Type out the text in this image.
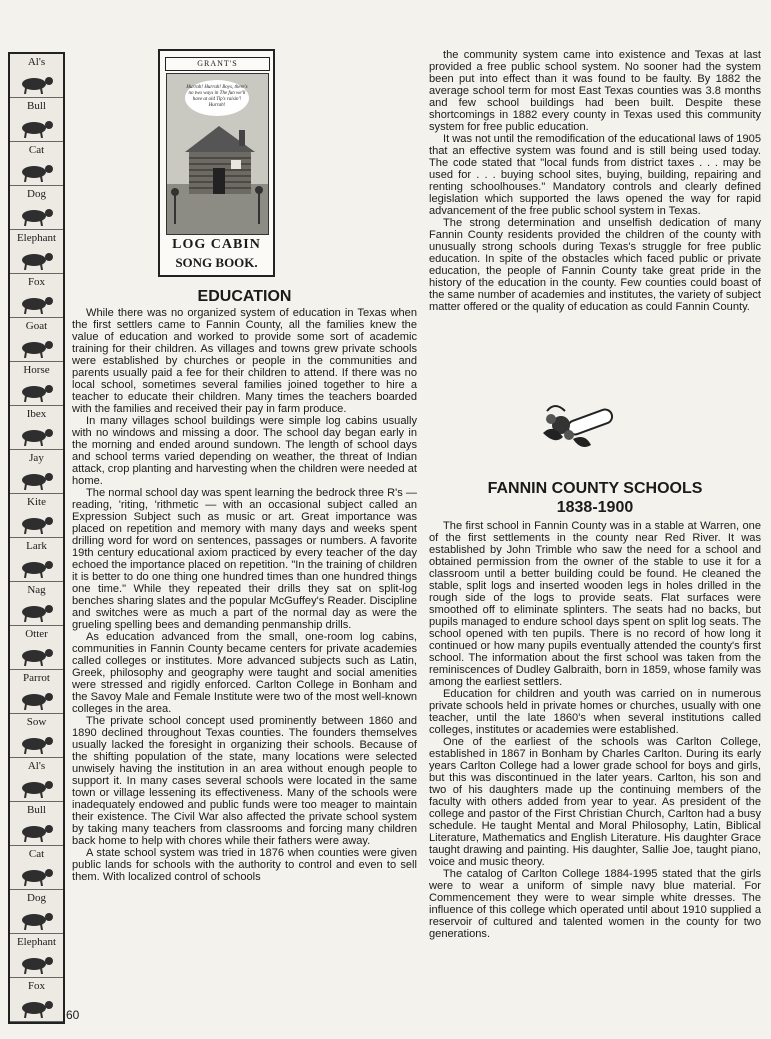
Al's
Bull
Cat
Dog
Elephant
Fox
Goat
Horse
Ibex
Jay
Kite
Lark
Nag
Otter
Parrot
Sow
Al's
Bull
Cat
Dog
Elephant
Fox
GRANT'S
Hurrah! Hurrah! Boys, there's no two ways in The fun we'll have at old Tip's raisin'! Hurrah!
LOG CABIN
SONG BOOK.
EDUCATION

While there was no organized system of education in Texas when the first settlers came to Fannin County, all the families knew the value of education and worked to provide some sort of academic training for their children. As villages and towns grew private schools were established by churches or people in the communities and parents usually paid a fee for their children to attend. If there was no local school, sometimes several families joined together to hire a teacher to educate their children. Many times the teachers boarded with the families and received their pay in farm produce.

In many villages school buildings were simple log cabins usually with no windows and missing a door. The school day began early in the morning and ended around sundown. The length of school days and school terms varied depending on weather, the threat of Indian attack, crop planting and harvesting when the children were needed at home.

The normal school day was spent learning the bedrock three R's — reading, 'riting, 'rithmetic — with an occasional subject called an Expression Subject such as music or art. Great importance was placed on repetition and memory with many days and weeks spent drilling word for word on sentences, passages or numbers. A favorite 19th century educational axiom practiced by every teacher of the day echoed the importance placed on repetition. "In the training of children it is better to do one thing one hundred times than one hundred things one time." While they repeated their drills they sat on split-log benches sharing slates and the popular McGuffey's Reader. Discipline and switches were as much a part of the normal day as were the grueling spelling bees and demanding penmanship drills.

As education advanced from the small, one-room log cabins, communities in Fannin County became centers for private academies called colleges or institutes. More advanced subjects such as Latin, Greek, philosophy and geography were taught and social amenities were stressed and rigidly enforced. Carlton College in Bonham and the Savoy Male and Female Institute were two of the most well-known colleges in the area.

The private school concept used prominently between 1860 and 1890 declined throughout Texas counties. The founders themselves usually lacked the foresight in organizing their schools. Because of the shifting population of the state, many locations were selected unwisely having the institution in an area without enough people to support it. In many cases several schools were located in the same town or village lessening its effectiveness. Many of the schools were inadequately endowed and public funds were too meager to maintain their existence. The Civil War also affected the private school system by taking many teachers from classrooms and forcing many children back home to help with chores while their fathers were away.

A state school system was tried in 1876 when counties were given public lands for schools with the authority to control and even to sell them. With localized control of schools

the community system came into existence and Texas at last provided a free public school system. No sooner had the system been put into effect than it was found to be faulty. By 1882 the average school term for most East Texas counties was 3.8 months and few school buildings had been built. Despite these shortcomings in 1882 every county in Texas used this community system for free public education.

It was not until the remodification of the educational laws of 1905 that an effective system was found and is still being used today. The code stated that "local funds from district taxes . . . may be used for . . . buying school sites, buying, building, repairing and renting schoolhouses." Mandatory controls and clearly defined legislation which supported the laws opened the way for rapid advancement of the free public school system in Texas.

The strong determination and unselfish dedication of many Fannin County residents provided the children of the county with unusually strong schools during Texas's struggle for free public education. In spite of the obstacles which faced public or private education, the people of Fannin County take great pride in the history of the education in the county. Few counties could boast of the same number of academies and institutes, the variety of subject matter offered or the quality of education as could Fannin County.

FANNIN COUNTY SCHOOLS
1838-1900

The first school in Fannin County was in a stable at Warren, one of the first settlements in the county near Red River. It was established by John Trimble who saw the need for a school and obtained permission from the owner of the stable to use it for a classroom until a better building could be found. He cleaned the stable, split logs and inserted wooden legs in holes drilled in the rough side of the logs to provide seats. Flat surfaces were smoothed off to eliminate splinters. The seats had no backs, but pupils managed to endure school days spent on split log seats. The school opened with ten pupils. There is no record of how long it continued or how many pupils eventually attended the county's first school. The information about the first school was taken from the reminiscences of Dudley Galbraith, born in 1859, whose family was among the earliest settlers.

Education for children and youth was carried on in numerous private schools held in private homes or churches, usually with one teacher, until the late 1860's when several institutions called colleges, institutes or academies were established.

One of the earliest of the schools was Carlton College, established in 1867 in Bonham by Charles Carlton. During its early years Carlton College had a lower grade school for boys and girls, but this was discontinued in the later years. Carlton, his son and two of his daughters made up the continuing members of the faculty with others added from year to year. As president of the college and pastor of the First Christian Church, Carlton had a busy schedule. He taught Mental and Moral Philosophy, Latin, Biblical Literature, Mathematics and English Literature. His daughter Grace taught drawing and painting. His daughter, Sallie Joe, taught piano, voice and music theory.

The catalog of Carlton College 1884-1995 stated that the girls were to wear a uniform of simple navy blue material. For Commencement they were to wear simple white dresses. The influence of this college which operated until about 1910 supplied a reservoir of cultured and talented women in the county for two generations.

60
